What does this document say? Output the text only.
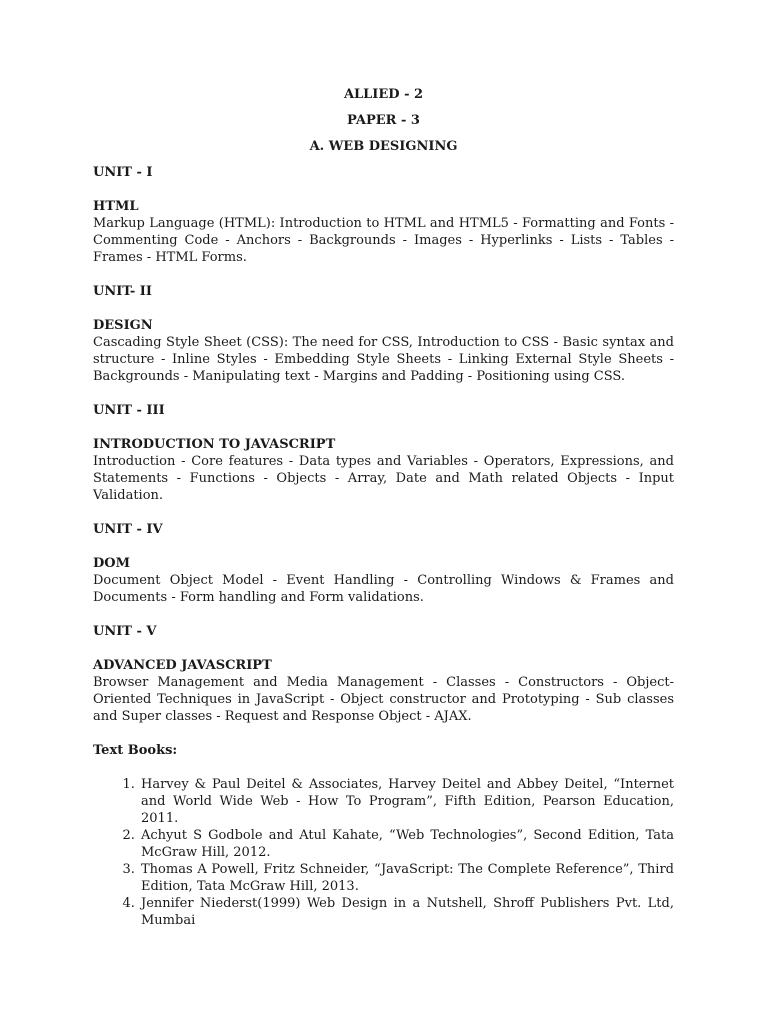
ALLIED - 2
PAPER - 3
A. WEB DESIGNING
UNIT - I
HTML

Markup Language (HTML): Introduction to HTML and HTML5 - Formatting and Fonts - Commenting Code - Anchors - Backgrounds - Images - Hyperlinks - Lists - Tables - Frames - HTML Forms.

UNIT- II
DESIGN

Cascading Style Sheet (CSS): The need for CSS, Introduction to CSS - Basic syntax and structure - Inline Styles - Embedding Style Sheets - Linking External Style Sheets - Backgrounds - Manipulating text - Margins and Padding - Positioning using CSS.

UNIT - III
INTRODUCTION TO JAVASCRIPT

Introduction - Core features - Data types and Variables - Operators, Expressions, and Statements - Functions - Objects - Array, Date and Math related Objects - Input Validation.

UNIT - IV
DOM

Document Object Model - Event Handling - Controlling Windows & Frames and Documents - Form handling and Form validations.

UNIT - V
ADVANCED JAVASCRIPT

Browser Management and Media Management - Classes - Constructors - Object-Oriented Techniques in JavaScript - Object constructor and Prototyping - Sub classes and Super classes - Request and Response Object - AJAX.

Text Books:
1. Harvey & Paul Deitel & Associates, Harvey Deitel and Abbey Deitel, “Internet and World Wide Web - How To Program”, Fifth Edition, Pearson Education, 2011.
2. Achyut S Godbole and Atul Kahate, “Web Technologies”, Second Edition, Tata McGraw Hill, 2012.
3. Thomas A Powell, Fritz Schneider, “JavaScript: The Complete Reference”, Third Edition, Tata McGraw Hill, 2013.
4. Jennifer Niederst(1999) Web Design in a Nutshell, Shroff Publishers Pvt. Ltd, Mumbai
